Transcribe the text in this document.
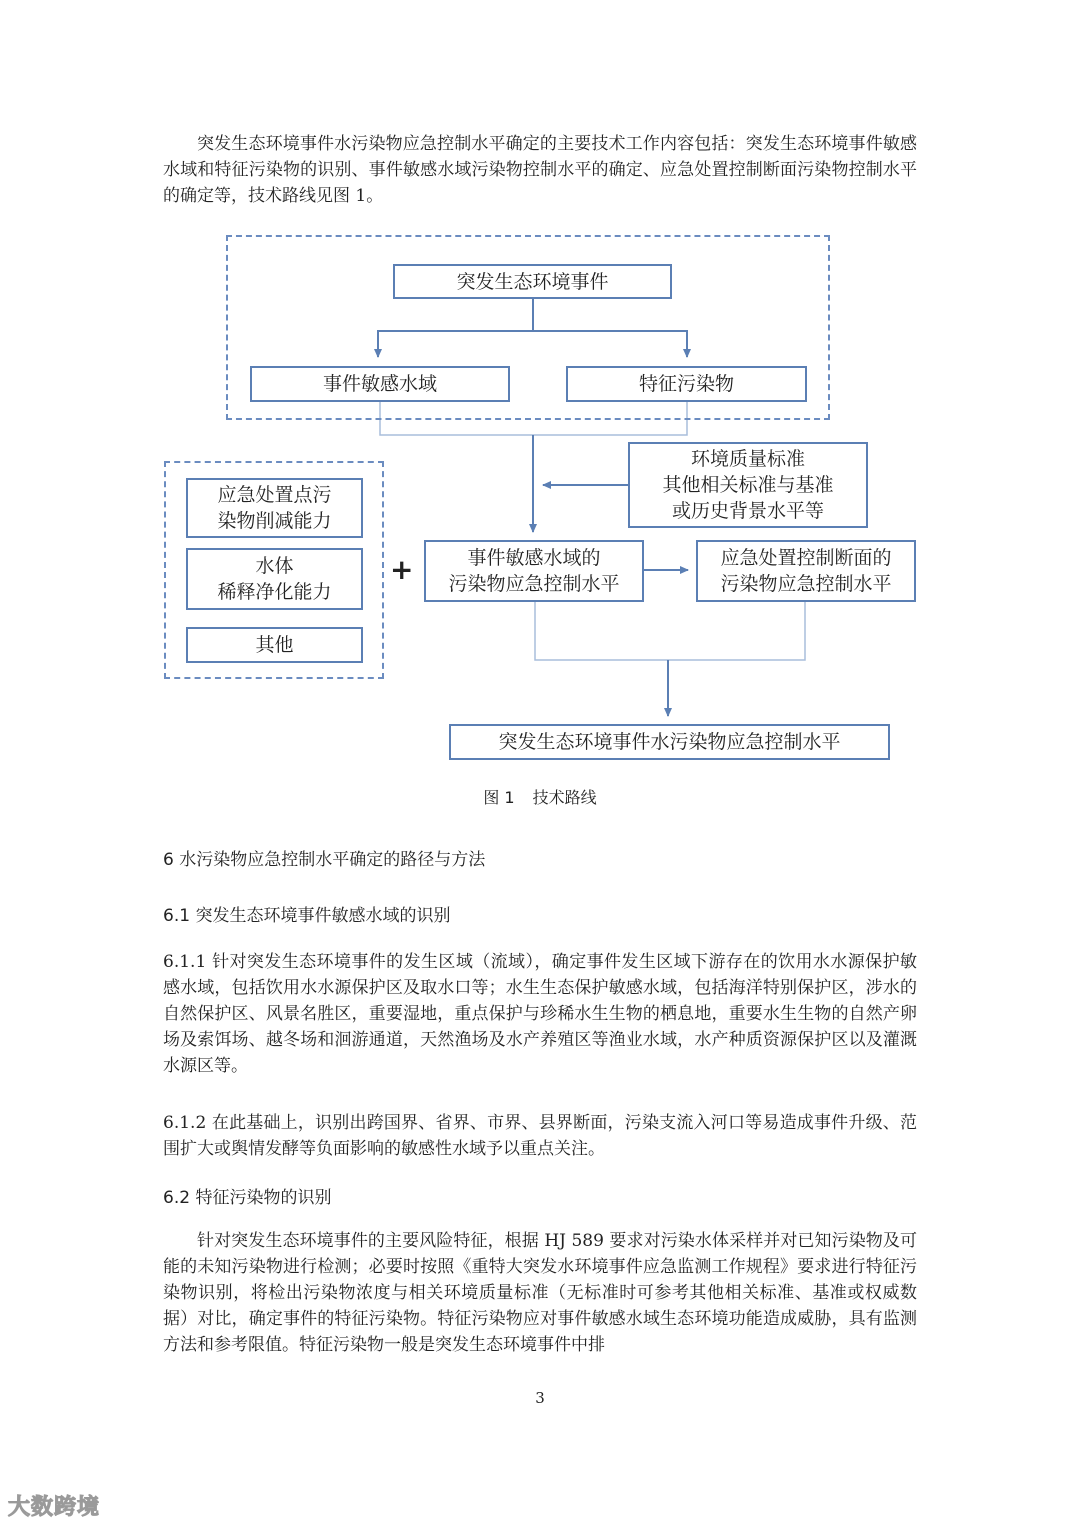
突发生态环境事件水污染物应急控制水平确定的主要技术工作内容包括：突发生态环境事件敏感水域和特征污染物的识别、事件敏感水域污染物控制水平的确定、应急处置控制断面污染物控制水平的确定等，技术路线见图 1。

突发生态环境事件
事件敏感水域	特征污染物
环境质量标准
其他相关标准与基准
或历史背景水平等
应急处置点污
染物削减能力
水体
稀释净化能力
其他
+	事件敏感水域的
污染物应急控制水平
应急处置控制断面的
污染物应急控制水平
突发生态环境事件水污染物应急控制水平
图 1 技术路线

6 水污染物应急控制水平确定的路径与方法

6.1 突发生态环境事件敏感水域的识别

6.1.1 针对突发生态环境事件的发生区域（流域），确定事件发生区域下游存在的饮用水水源保护敏感水域，包括饮用水水源保护区及取水口等；水生生态保护敏感水域，包括海洋特别保护区，涉水的自然保护区、风景名胜区，重要湿地，重点保护与珍稀水生生物的栖息地，重要水生生物的自然产卵场及索饵场、越冬场和洄游通道，天然渔场及水产养殖区等渔业水域，水产种质资源保护区以及灌溉水源区等。

6.1.2 在此基础上，识别出跨国界、省界、市界、县界断面，污染支流入河口等易造成事件升级、范围扩大或舆情发酵等负面影响的敏感性水域予以重点关注。

6.2 特征污染物的识别

针对突发生态环境事件的主要风险特征，根据 HJ 589 要求对污染水体采样并对已知污染物及可能的未知污染物进行检测；必要时按照《重特大突发水环境事件应急监测工作规程》要求进行特征污染物识别，将检出污染物浓度与相关环境质量标准（无标准时可参考其他相关标准、基准或权威数据）对比，确定事件的特征污染物。特征污染物应对事件敏感水域生态环境功能造成威胁，具有监测方法和参考限值。特征污染物一般是突发生态环境事件中排

3
大数跨境
